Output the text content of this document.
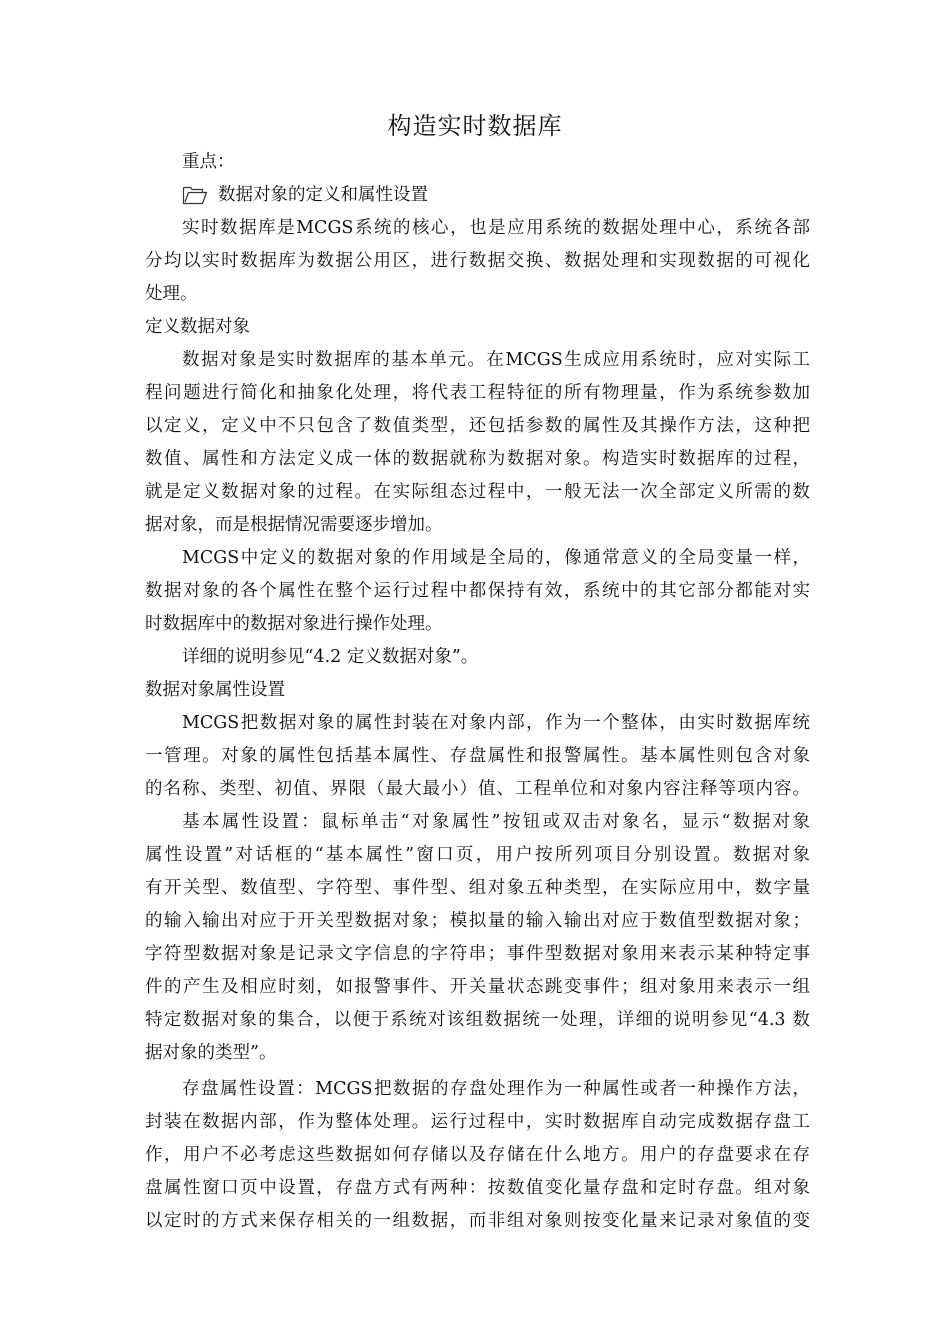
构造实时数据库
重点：
数据对象的定义和属性设置
实时数据库是MCGS系统的核心，也是应用系统的数据处理中心，系统各部
分均以实时数据库为数据公用区，进行数据交换、数据处理和实现数据的可视化
处理。
定义数据对象
数据对象是实时数据库的基本单元。在MCGS生成应用系统时，应对实际工
程问题进行简化和抽象化处理，将代表工程特征的所有物理量，作为系统参数加
以定义，定义中不只包含了数值类型，还包括参数的属性及其操作方法，这种把
数值、属性和方法定义成一体的数据就称为数据对象。构造实时数据库的过程，
就是定义数据对象的过程。在实际组态过程中，一般无法一次全部定义所需的数
据对象，而是根据情况需要逐步增加。
MCGS中定义的数据对象的作用域是全局的，像通常意义的全局变量一样，
数据对象的各个属性在整个运行过程中都保持有效，系统中的其它部分都能对实
时数据库中的数据对象进行操作处理。
详细的说明参见“4.2 定义数据对象”。
数据对象属性设置
MCGS把数据对象的属性封装在对象内部，作为一个整体，由实时数据库统
一管理。对象的属性包括基本属性、存盘属性和报警属性。基本属性则包含对象
的名称、类型、初值、界限（最大最小）值、工程单位和对象内容注释等项内容。
基本属性设置：鼠标单击“对象属性”按钮或双击对象名，显示“数据对象
属性设置”对话框的“基本属性”窗口页，用户按所列项目分别设置。数据对象
有开关型、数值型、字符型、事件型、组对象五种类型，在实际应用中，数字量
的输入输出对应于开关型数据对象；模拟量的输入输出对应于数值型数据对象；
字符型数据对象是记录文字信息的字符串；事件型数据对象用来表示某种特定事
件的产生及相应时刻，如报警事件、开关量状态跳变事件；组对象用来表示一组
特定数据对象的集合，以便于系统对该组数据统一处理，详细的说明参见“4.3 数
据对象的类型”。
存盘属性设置：MCGS把数据的存盘处理作为一种属性或者一种操作方法，
封装在数据内部，作为整体处理。运行过程中，实时数据库自动完成数据存盘工
作，用户不必考虑这些数据如何存储以及存储在什么地方。用户的存盘要求在存
盘属性窗口页中设置，存盘方式有两种：按数值变化量存盘和定时存盘。组对象
以定时的方式来保存相关的一组数据，而非组对象则按变化量来记录对象值的变
